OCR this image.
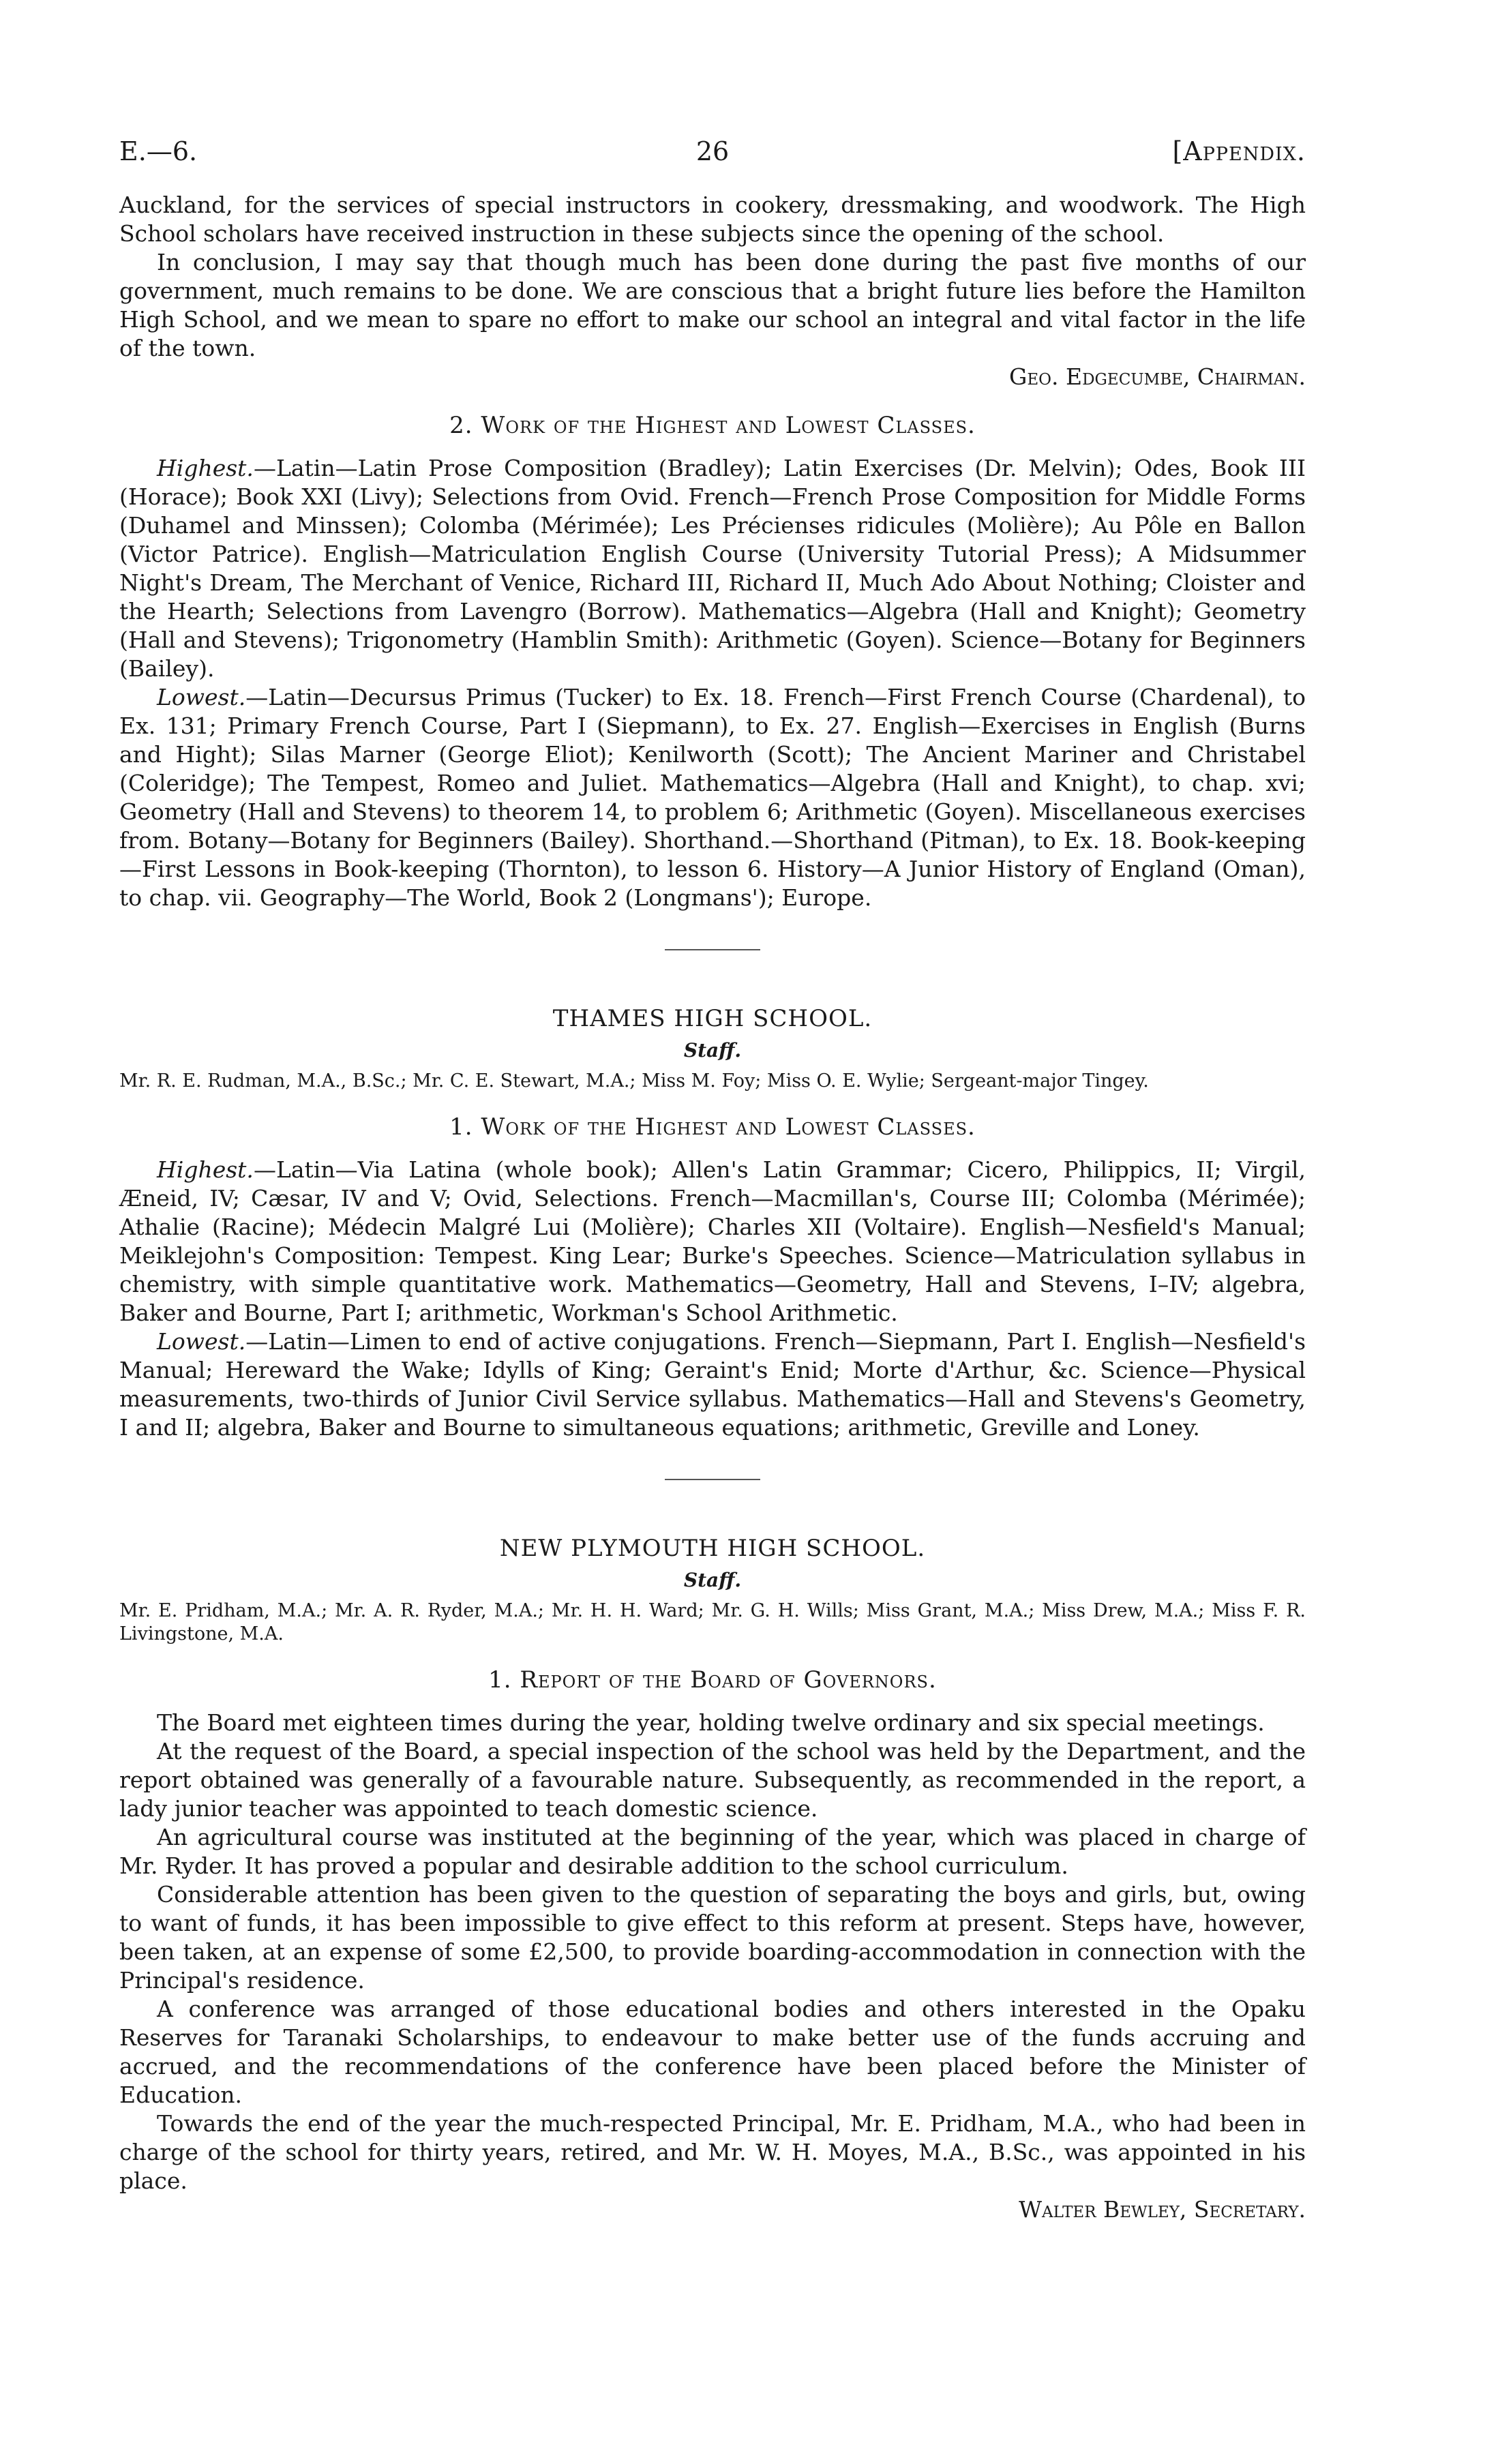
E.—6.	26	[Appendix.

Auckland, for the services of special instructors in cookery, dressmaking, and woodwork. The High School scholars have received instruction in these subjects since the opening of the school.

In conclusion, I may say that though much has been done during the past five months of our government, much remains to be done. We are conscious that a bright future lies before the Hamilton High School, and we mean to spare no effort to make our school an integral and vital factor in the life of the town.

Geo. Edgecumbe, Chairman.

2. Work of the Highest and Lowest Classes.

Highest.—Latin—Latin Prose Composition (Bradley); Latin Exercises (Dr. Melvin); Odes, Book III (Horace); Book XXI (Livy); Selections from Ovid. French—French Prose Composition for Middle Forms (Duhamel and Minssen); Colomba (Mérimée); Les Précienses ridicules (Molière); Au Pôle en Ballon (Victor Patrice). English—Matriculation English Course (University Tutorial Press); A Midsummer Night's Dream, The Merchant of Venice, Richard III, Richard II, Much Ado About Nothing; Cloister and the Hearth; Selections from Lavengro (Borrow). Mathematics—Algebra (Hall and Knight); Geometry (Hall and Stevens); Trigonometry (Hamblin Smith): Arithmetic (Goyen). Science—Botany for Beginners (Bailey).

Lowest.—Latin—Decursus Primus (Tucker) to Ex. 18. French—First French Course (Chardenal), to Ex. 131; Primary French Course, Part I (Siepmann), to Ex. 27. English—Exercises in English (Burns and Hight); Silas Marner (George Eliot); Kenilworth (Scott); The Ancient Mariner and Christabel (Coleridge); The Tempest, Romeo and Juliet. Mathematics—Algebra (Hall and Knight), to chap. xvi; Geometry (Hall and Stevens) to theorem 14, to problem 6; Arithmetic (Goyen). Miscellaneous exercises from. Botany—Botany for Beginners (Bailey). Shorthand.—Shorthand (Pitman), to Ex. 18. Book-keeping—First Lessons in Book-keeping (Thornton), to lesson 6. History—A Junior History of England (Oman), to chap. vii. Geography—The World, Book 2 (Longmans'); Europe.

THAMES HIGH SCHOOL.
Staff.

Mr. R. E. Rudman, M.A., B.Sc.; Mr. C. E. Stewart, M.A.; Miss M. Foy; Miss O. E. Wylie; Sergeant-major Tingey.

1. Work of the Highest and Lowest Classes.

Highest.—Latin—Via Latina (whole book); Allen's Latin Grammar; Cicero, Philippics, II; Virgil, Æneid, IV; Cæsar, IV and V; Ovid, Selections. French—Macmillan's, Course III; Colomba (Mérimée); Athalie (Racine); Médecin Malgré Lui (Molière); Charles XII (Voltaire). English—Nesfield's Manual; Meiklejohn's Composition: Tempest. King Lear; Burke's Speeches. Science—Matriculation syllabus in chemistry, with simple quantitative work. Mathematics—Geometry, Hall and Stevens, I–IV; algebra, Baker and Bourne, Part I; arithmetic, Workman's School Arithmetic.

Lowest.—Latin—Limen to end of active conjugations. French—Siepmann, Part I. English—Nesfield's Manual; Hereward the Wake; Idylls of King; Geraint's Enid; Morte d'Arthur, &c. Science—Physical measurements, two-thirds of Junior Civil Service syllabus. Mathematics—Hall and Stevens's Geometry, I and II; algebra, Baker and Bourne to simultaneous equations; arithmetic, Greville and Loney.

NEW PLYMOUTH HIGH SCHOOL.
Staff.

Mr. E. Pridham, M.A.; Mr. A. R. Ryder, M.A.; Mr. H. H. Ward; Mr. G. H. Wills; Miss Grant, M.A.; Miss Drew, M.A.; Miss F. R. Livingstone, M.A.

1. Report of the Board of Governors.

The Board met eighteen times during the year, holding twelve ordinary and six special meetings.

At the request of the Board, a special inspection of the school was held by the Department, and the report obtained was generally of a favourable nature. Subsequently, as recommended in the report, a lady junior teacher was appointed to teach domestic science.

An agricultural course was instituted at the beginning of the year, which was placed in charge of Mr. Ryder. It has proved a popular and desirable addition to the school curriculum.

Considerable attention has been given to the question of separating the boys and girls, but, owing to want of funds, it has been impossible to give effect to this reform at present. Steps have, however, been taken, at an expense of some £2,500, to provide boarding-accommodation in connection with the Principal's residence.

A conference was arranged of those educational bodies and others interested in the Opaku Reserves for Taranaki Scholarships, to endeavour to make better use of the funds accruing and accrued, and the recommendations of the conference have been placed before the Minister of Education.

Towards the end of the year the much-respected Principal, Mr. E. Pridham, M.A., who had been in charge of the school for thirty years, retired, and Mr. W. H. Moyes, M.A., B.Sc., was appointed in his place.

Walter Bewley, Secretary.
